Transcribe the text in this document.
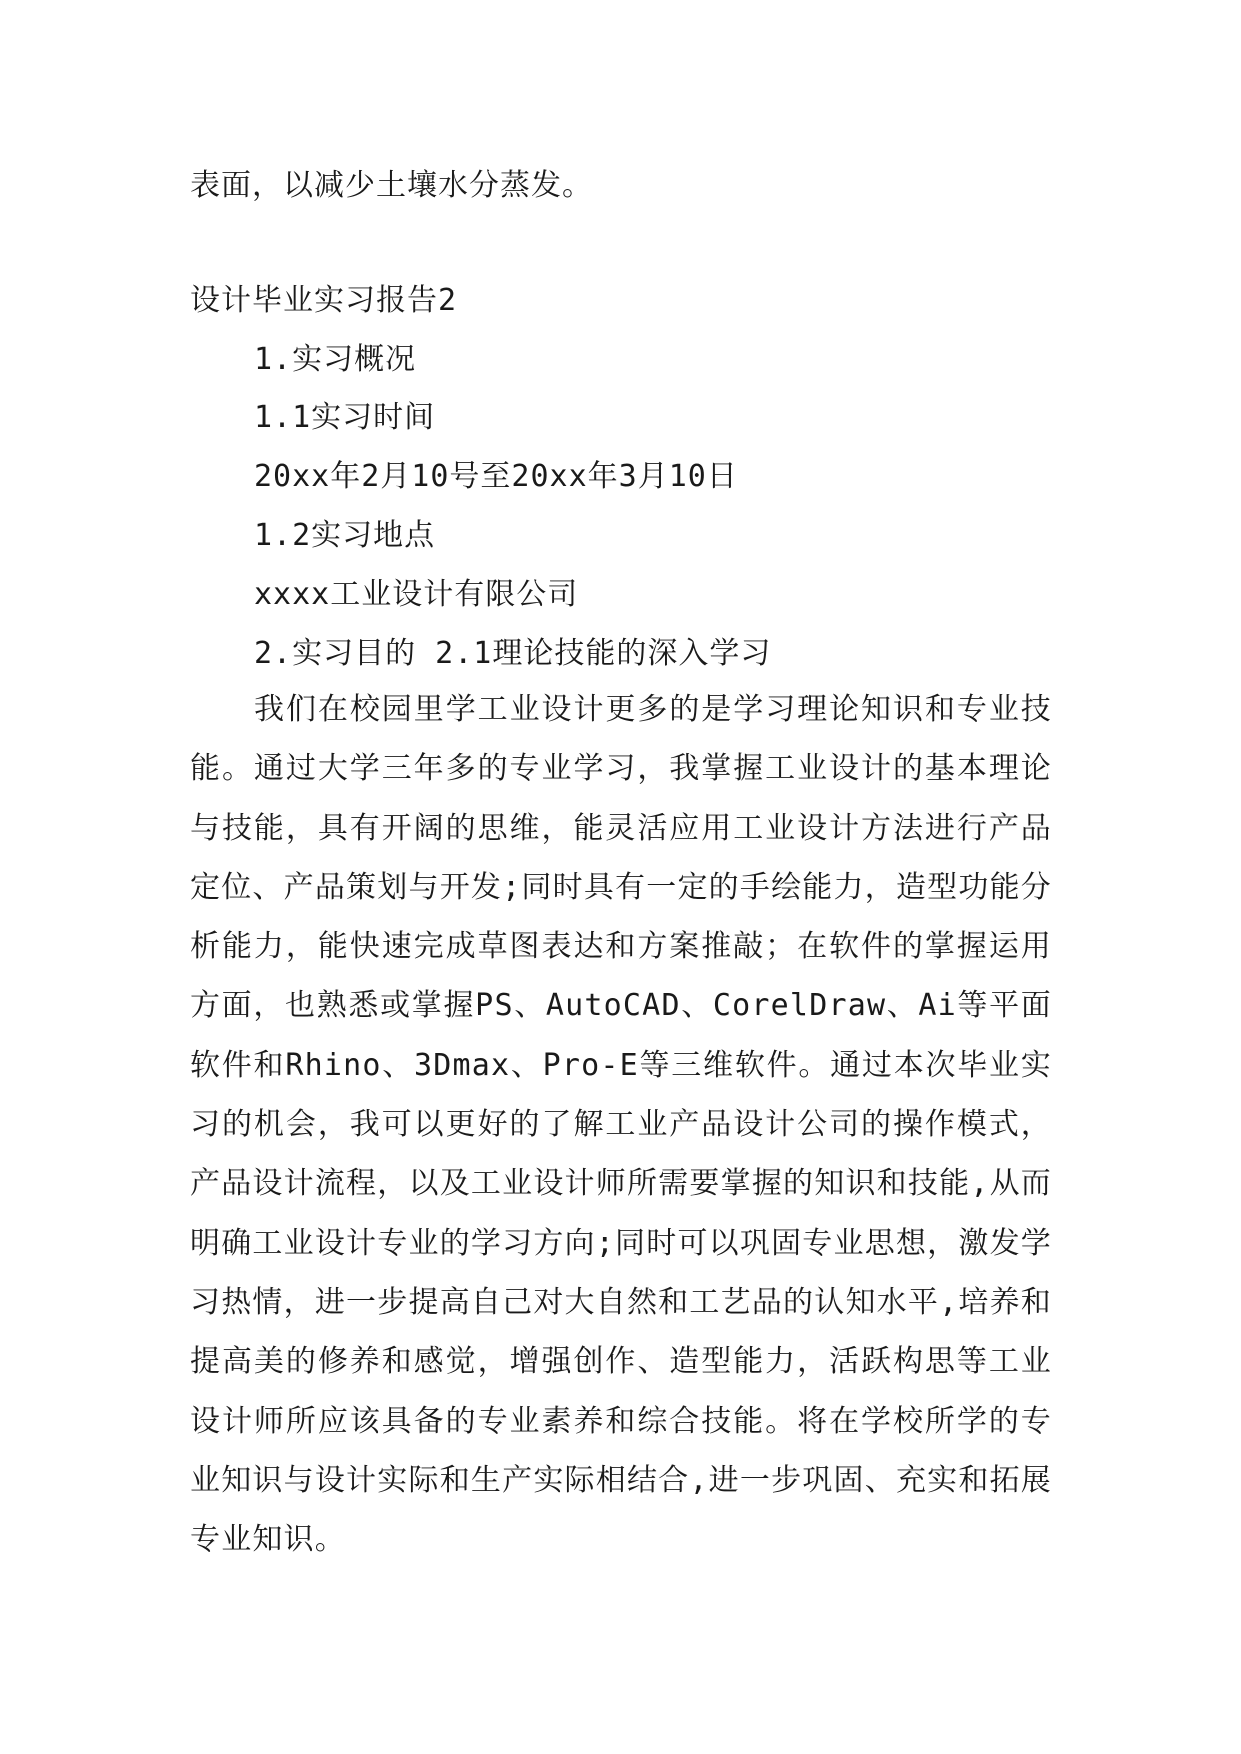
表面，以减少土壤水分蒸发。
设计毕业实习报告2
1.实习概况
1.1实习时间
20xx年2月10号至20xx年3月10日
1.2实习地点
xxxx工业设计有限公司
2.实习目的 2.1理论技能的深入学习
我们在校园里学工业设计更多的是学习理论知识和专业技能。通过大学三年多的专业学习，我掌握工业设计的基本理论与技能，具有开阔的思维，能灵活应用工业设计方法进行产品定位、产品策划与开发;同时具有一定的手绘能力，造型功能分析能力，能快速完成草图表达和方案推敲；在软件的掌握运用方面，也熟悉或掌握PS、AutoCAD、CorelDraw、Ai等平面软件和Rhino、3Dmax、Pro-E等三维软件。通过本次毕业实习的机会，我可以更好的了解工业产品设计公司的操作模式，产品设计流程，以及工业设计师所需要掌握的知识和技能,从而明确工业设计专业的学习方向;同时可以巩固专业思想，激发学习热情，进一步提高自己对大自然和工艺品的认知水平,培养和提高美的修养和感觉，增强创作、造型能力，活跃构思等工业设计师所应该具备的专业素养和综合技能。将在学校所学的专业知识与设计实际和生产实际相结合,进一步巩固、充实和拓展专业知识。
